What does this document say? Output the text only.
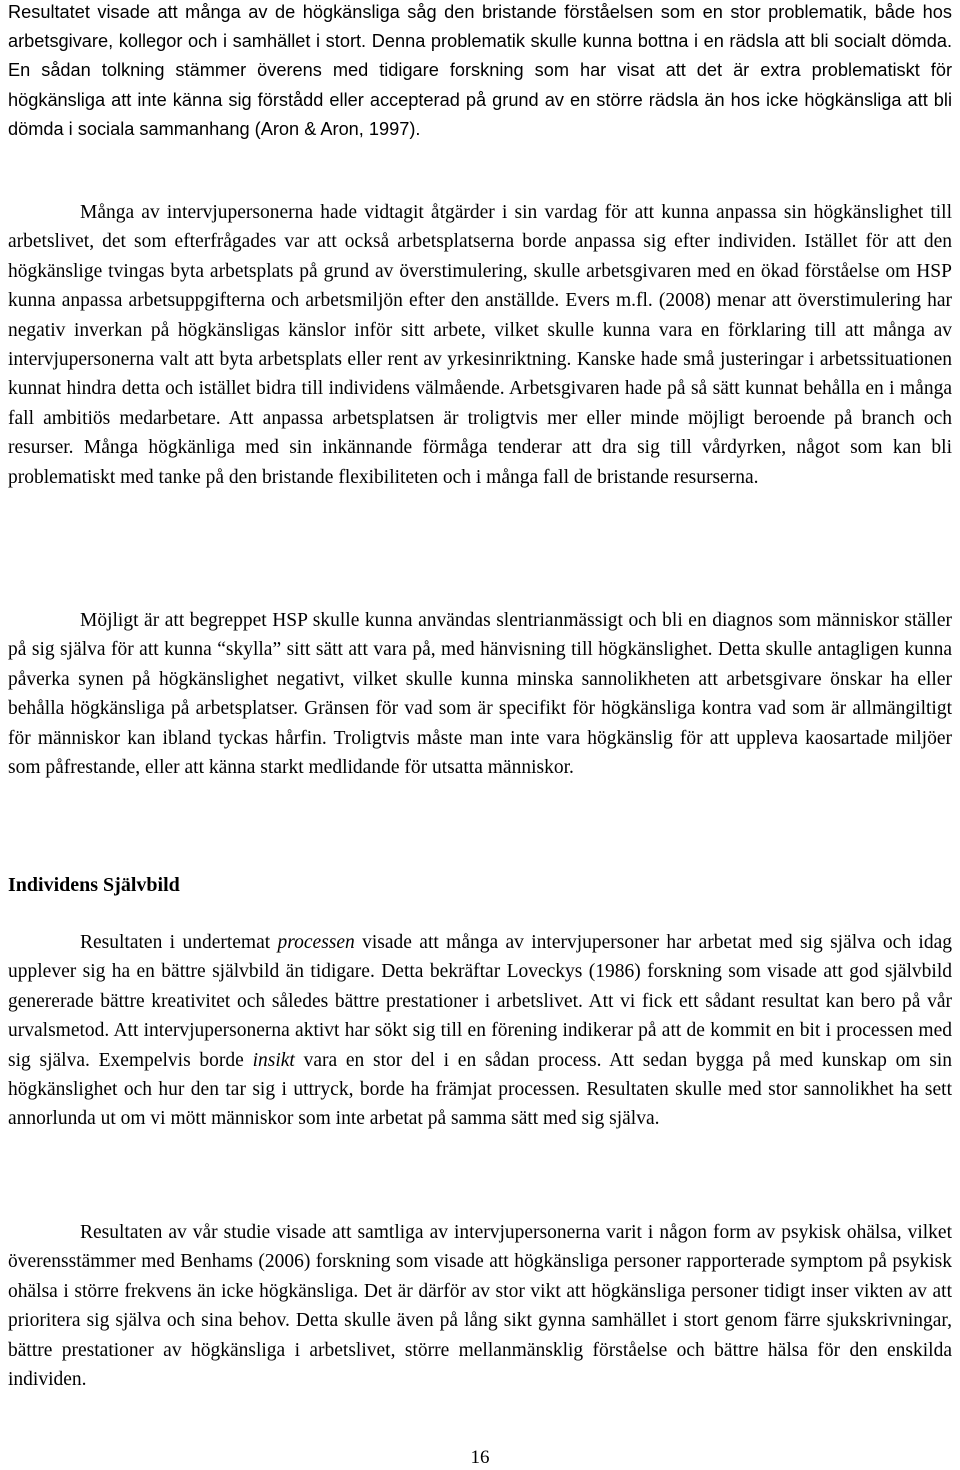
Resultatet visade att många av de högkänsliga såg den bristande förståelsen som en stor problematik, både hos arbetsgivare, kollegor och i samhället i stort. Denna problematik skulle kunna bottna i en rädsla att bli socialt dömda. En sådan tolkning stämmer överens med tidigare forskning som har visat att det är extra problematiskt för högkänsliga att inte känna sig förstådd eller accepterad på grund av en större rädsla än hos icke högkänsliga att bli dömda i sociala sammanhang (Aron & Aron, 1997).

Många av intervjupersonerna hade vidtagit åtgärder i sin vardag för att kunna anpassa sin högkänslighet till arbetslivet, det som efterfrågades var att också arbetsplatserna borde anpassa sig efter individen. Istället för att den högkänslige tvingas byta arbetsplats på grund av överstimulering, skulle arbetsgivaren med en ökad förståelse om HSP kunna anpassa arbetsuppgifterna och arbetsmiljön efter den anställde. Evers m.fl. (2008) menar att överstimulering har negativ inverkan på högkänsligas känslor inför sitt arbete, vilket skulle kunna vara en förklaring till att många av intervjupersonerna valt att byta arbetsplats eller rent av yrkesinriktning. Kanske hade små justeringar i arbetssituationen kunnat hindra detta och istället bidra till individens välmående. Arbetsgivaren hade på så sätt kunnat behålla en i många fall ambitiös medarbetare. Att anpassa arbetsplatsen är troligtvis mer eller minde möjligt beroende på branch och resurser. Många högkänliga med sin inkännande förmåga tenderar att dra sig till vårdyrken, något som kan bli problematiskt med tanke på den bristande flexibiliteten och i många fall de bristande resurserna.

Möjligt är att begreppet HSP skulle kunna användas slentrianmässigt och bli en diagnos som människor ställer på sig själva för att kunna “skylla” sitt sätt att vara på, med hänvisning till högkänslighet. Detta skulle antagligen kunna påverka synen på högkänslighet negativt, vilket skulle kunna minska sannolikheten att arbetsgivare önskar ha eller behålla högkänsliga på arbetsplatser. Gränsen för vad som är specifikt för högkänsliga kontra vad som är allmängiltigt för människor kan ibland tyckas hårfin. Troligtvis måste man inte vara högkänslig för att uppleva kaosartade miljöer som påfrestande, eller att känna starkt medlidande för utsatta människor.

Individens Självbild

Resultaten i undertemat processen visade att många av intervjupersoner har arbetat med sig själva och idag upplever sig ha en bättre självbild än tidigare. Detta bekräftar Loveckys (1986) forskning som visade att god självbild genererade bättre kreativitet och således bättre prestationer i arbetslivet. Att vi fick ett sådant resultat kan bero på vår urvalsmetod. Att intervjupersonerna aktivt har sökt sig till en förening indikerar på att de kommit en bit i processen med sig själva. Exempelvis borde insikt vara en stor del i en sådan process. Att sedan bygga på med kunskap om sin högkänslighet och hur den tar sig i uttryck, borde ha främjat processen. Resultaten skulle med stor sannolikhet ha sett annorlunda ut om vi mött människor som inte arbetat på samma sätt med sig själva.

Resultaten av vår studie visade att samtliga av intervjupersonerna varit i någon form av psykisk ohälsa, vilket överensstämmer med Benhams (2006) forskning som visade att högkänsliga personer rapporterade symptom på psykisk ohälsa i större frekvens än icke högkänsliga. Det är därför av stor vikt att högkänsliga personer tidigt inser vikten av att prioritera sig själva och sina behov. Detta skulle även på lång sikt gynna samhället i stort genom färre sjukskrivningar, bättre prestationer av högkänsliga i arbetslivet, större mellanmänsklig förståelse och bättre hälsa för den enskilda individen.

16
